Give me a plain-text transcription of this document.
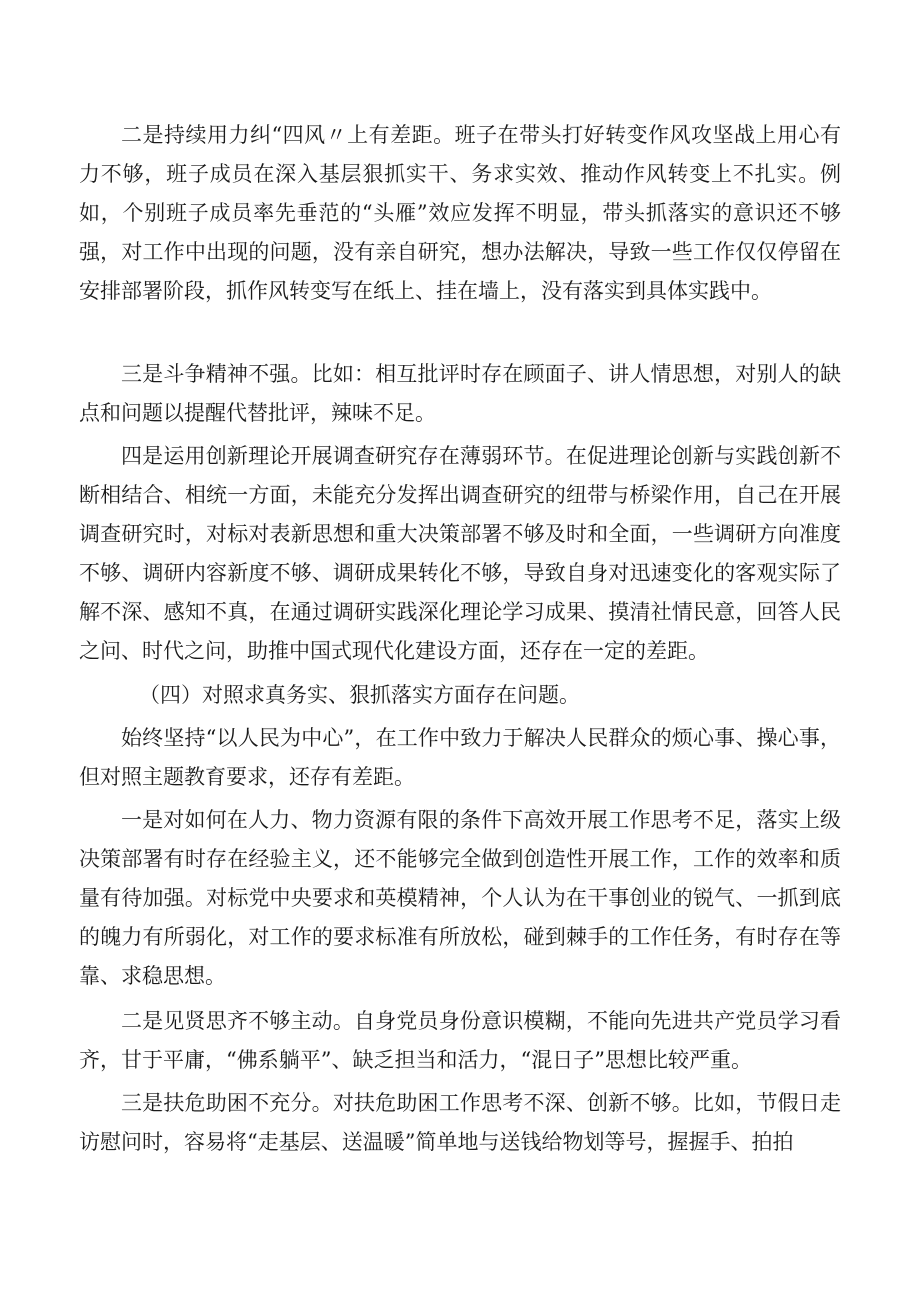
二是持续用力纠“四风〃上有差距。班子在带头打好转变作风攻坚战上用心有力不够，班子成员在深入基层狠抓实干、务求实效、推动作风转变上不扎实。例如，个别班子成员率先垂范的“头雁”效应发挥不明显，带头抓落实的意识还不够强，对工作中出现的问题，没有亲自研究，想办法解决，导致一些工作仅仅停留在安排部署阶段，抓作风转变写在纸上、挂在墙上，没有落实到具体实践中。

三是斗争精神不强。比如：相互批评时存在顾面子、讲人情思想，对别人的缺点和问题以提醒代替批评，辣味不足。

四是运用创新理论开展调查研究存在薄弱环节。在促进理论创新与实践创新不断相结合、相统一方面，未能充分发挥出调查研究的纽带与桥梁作用，自己在开展调查研究时，对标对表新思想和重大决策部署不够及时和全面，一些调研方向准度不够、调研内容新度不够、调研成果转化不够，导致自身对迅速变化的客观实际了解不深、感知不真，在通过调研实践深化理论学习成果、摸清社情民意，回答人民之问、时代之问，助推中国式现代化建设方面，还存在一定的差距。

（四）对照求真务实、狠抓落实方面存在问题。

始终坚持“以人民为中心”，在工作中致力于解决人民群众的烦心事、操心事，但对照主题教育要求，还存有差距。

一是对如何在人力、物力资源有限的条件下高效开展工作思考不足，落实上级决策部署有时存在经验主义，还不能够完全做到创造性开展工作，工作的效率和质量有待加强。对标党中央要求和英模精神，个人认为在干事创业的锐气、一抓到底的魄力有所弱化，对工作的要求标准有所放松，碰到棘手的工作任务，有时存在等靠、求稳思想。

二是见贤思齐不够主动。自身党员身份意识模糊，不能向先进共产党员学习看齐，甘于平庸，“佛系躺平”、缺乏担当和活力，“混日子”思想比较严重。

三是扶危助困不充分。对扶危助困工作思考不深、创新不够。比如，节假日走访慰问时，容易将“走基层、送温暖”简单地与送钱给物划等号，握握手、拍拍
